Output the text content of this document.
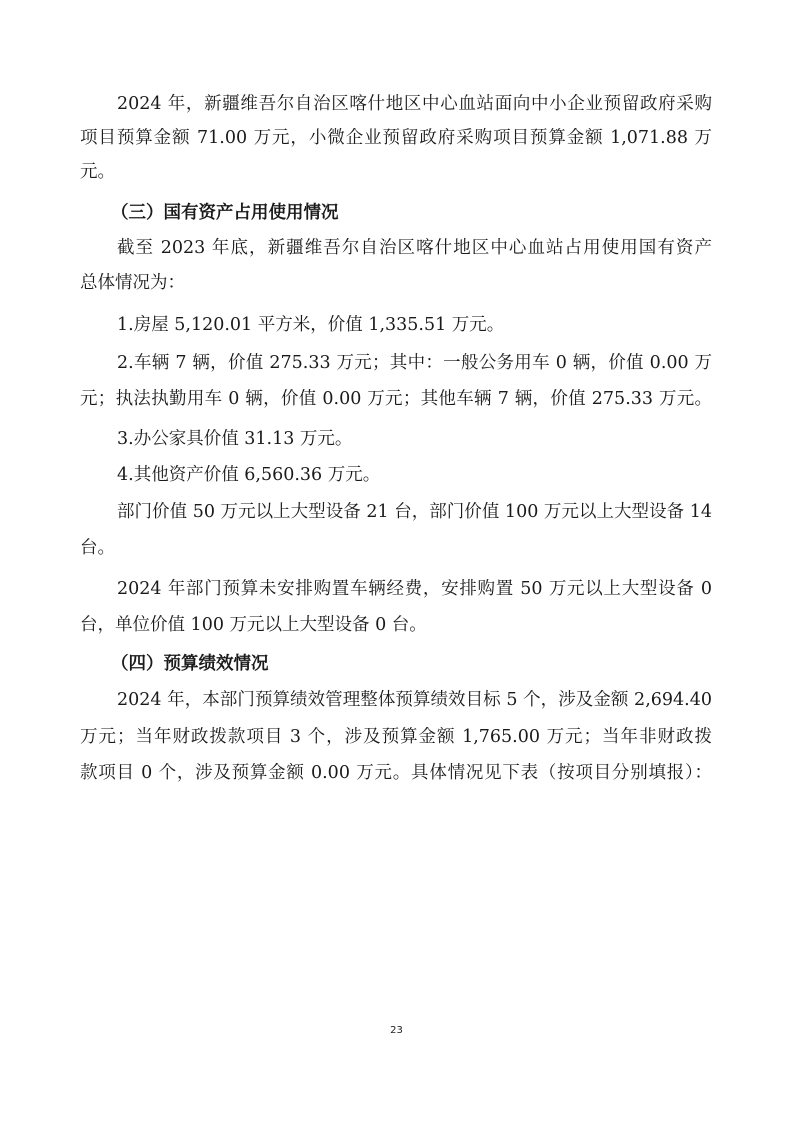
2024 年，新疆维吾尔自治区喀什地区中心血站面向中小企业预留政府采购
项目预算金额 71.00 万元，小微企业预留政府采购项目预算金额 1,071.88 万
元。
（三）国有资产占用使用情况
截至 2023 年底，新疆维吾尔自治区喀什地区中心血站占用使用国有资产
总体情况为：
1.房屋 5,120.01 平方米，价值 1,335.51 万元。
2.车辆 7 辆，价值 275.33 万元；其中：一般公务用车 0 辆，价值 0.00 万
元；执法执勤用车 0 辆，价值 0.00 万元；其他车辆 7 辆，价值 275.33 万元。
3.办公家具价值 31.13 万元。
4.其他资产价值 6,560.36 万元。
部门价值 50 万元以上大型设备 21 台，部门价值 100 万元以上大型设备 14
台。
2024 年部门预算未安排购置车辆经费，安排购置 50 万元以上大型设备 0
台，单位价值 100 万元以上大型设备 0 台。
（四）预算绩效情况
2024 年，本部门预算绩效管理整体预算绩效目标 5 个，涉及金额 2,694.40
万元；当年财政拨款项目 3 个，涉及预算金额 1,765.00 万元；当年非财政拨
款项目 0 个，涉及预算金额 0.00 万元。具体情况见下表（按项目分别填报）：
23
